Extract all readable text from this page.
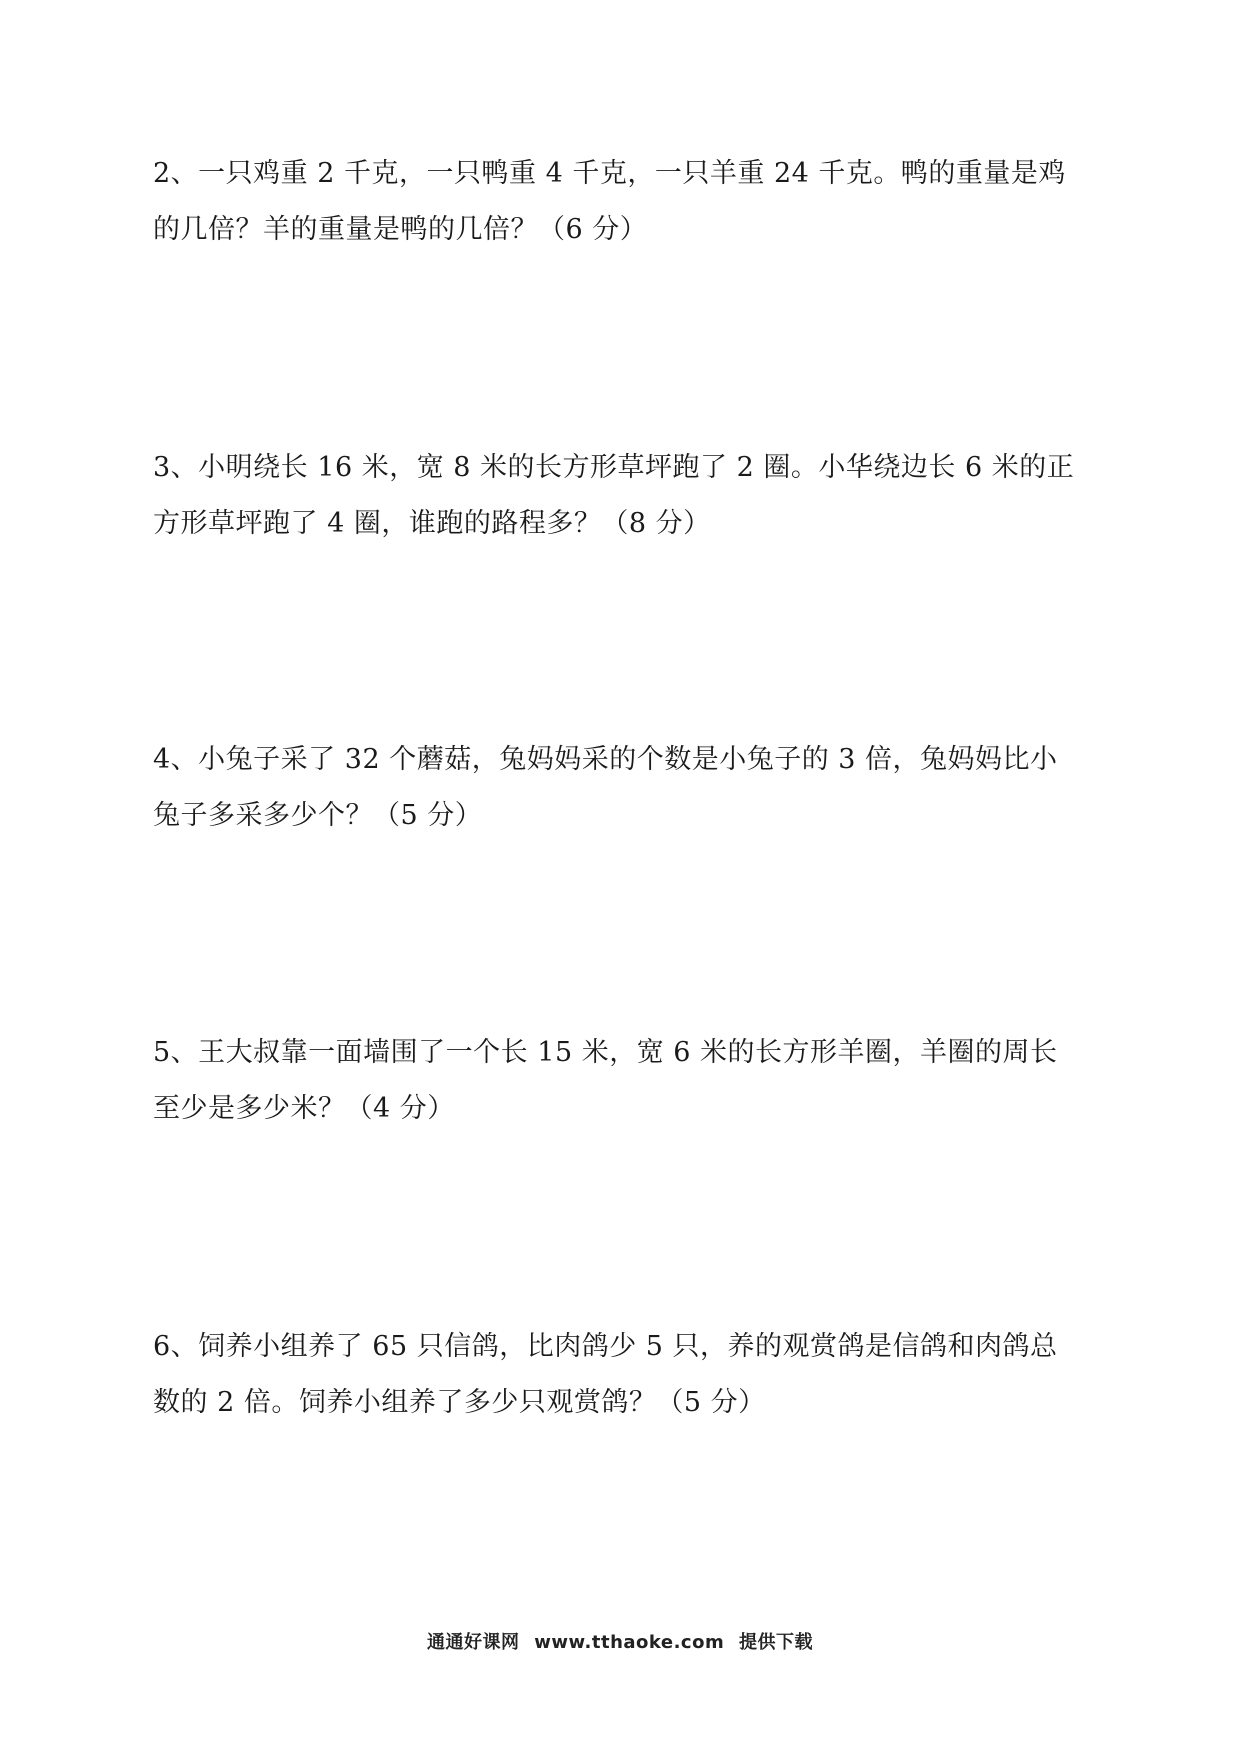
2、一只鸡重 2 千克，一只鸭重 4 千克，一只羊重 24 千克。鸭的重量是鸡
的几倍？羊的重量是鸭的几倍？（6 分）
3、小明绕长 16 米，宽 8 米的长方形草坪跑了 2 圈。小华绕边长 6 米的正
方形草坪跑了 4 圈，谁跑的路程多？（8 分）
4、小兔子采了 32 个蘑菇，兔妈妈采的个数是小兔子的 3 倍，兔妈妈比小
兔子多采多少个？（5 分）
5、王大叔靠一面墙围了一个长 15 米，宽 6 米的长方形羊圈，羊圈的周长
至少是多少米？（4 分）
6、饲养小组养了 65 只信鸽，比肉鸽少 5 只，养的观赏鸽是信鸽和肉鸽总
数的 2 倍。饲养小组养了多少只观赏鸽？（5 分）
通通好课网 www.tthaoke.com 提供下载
